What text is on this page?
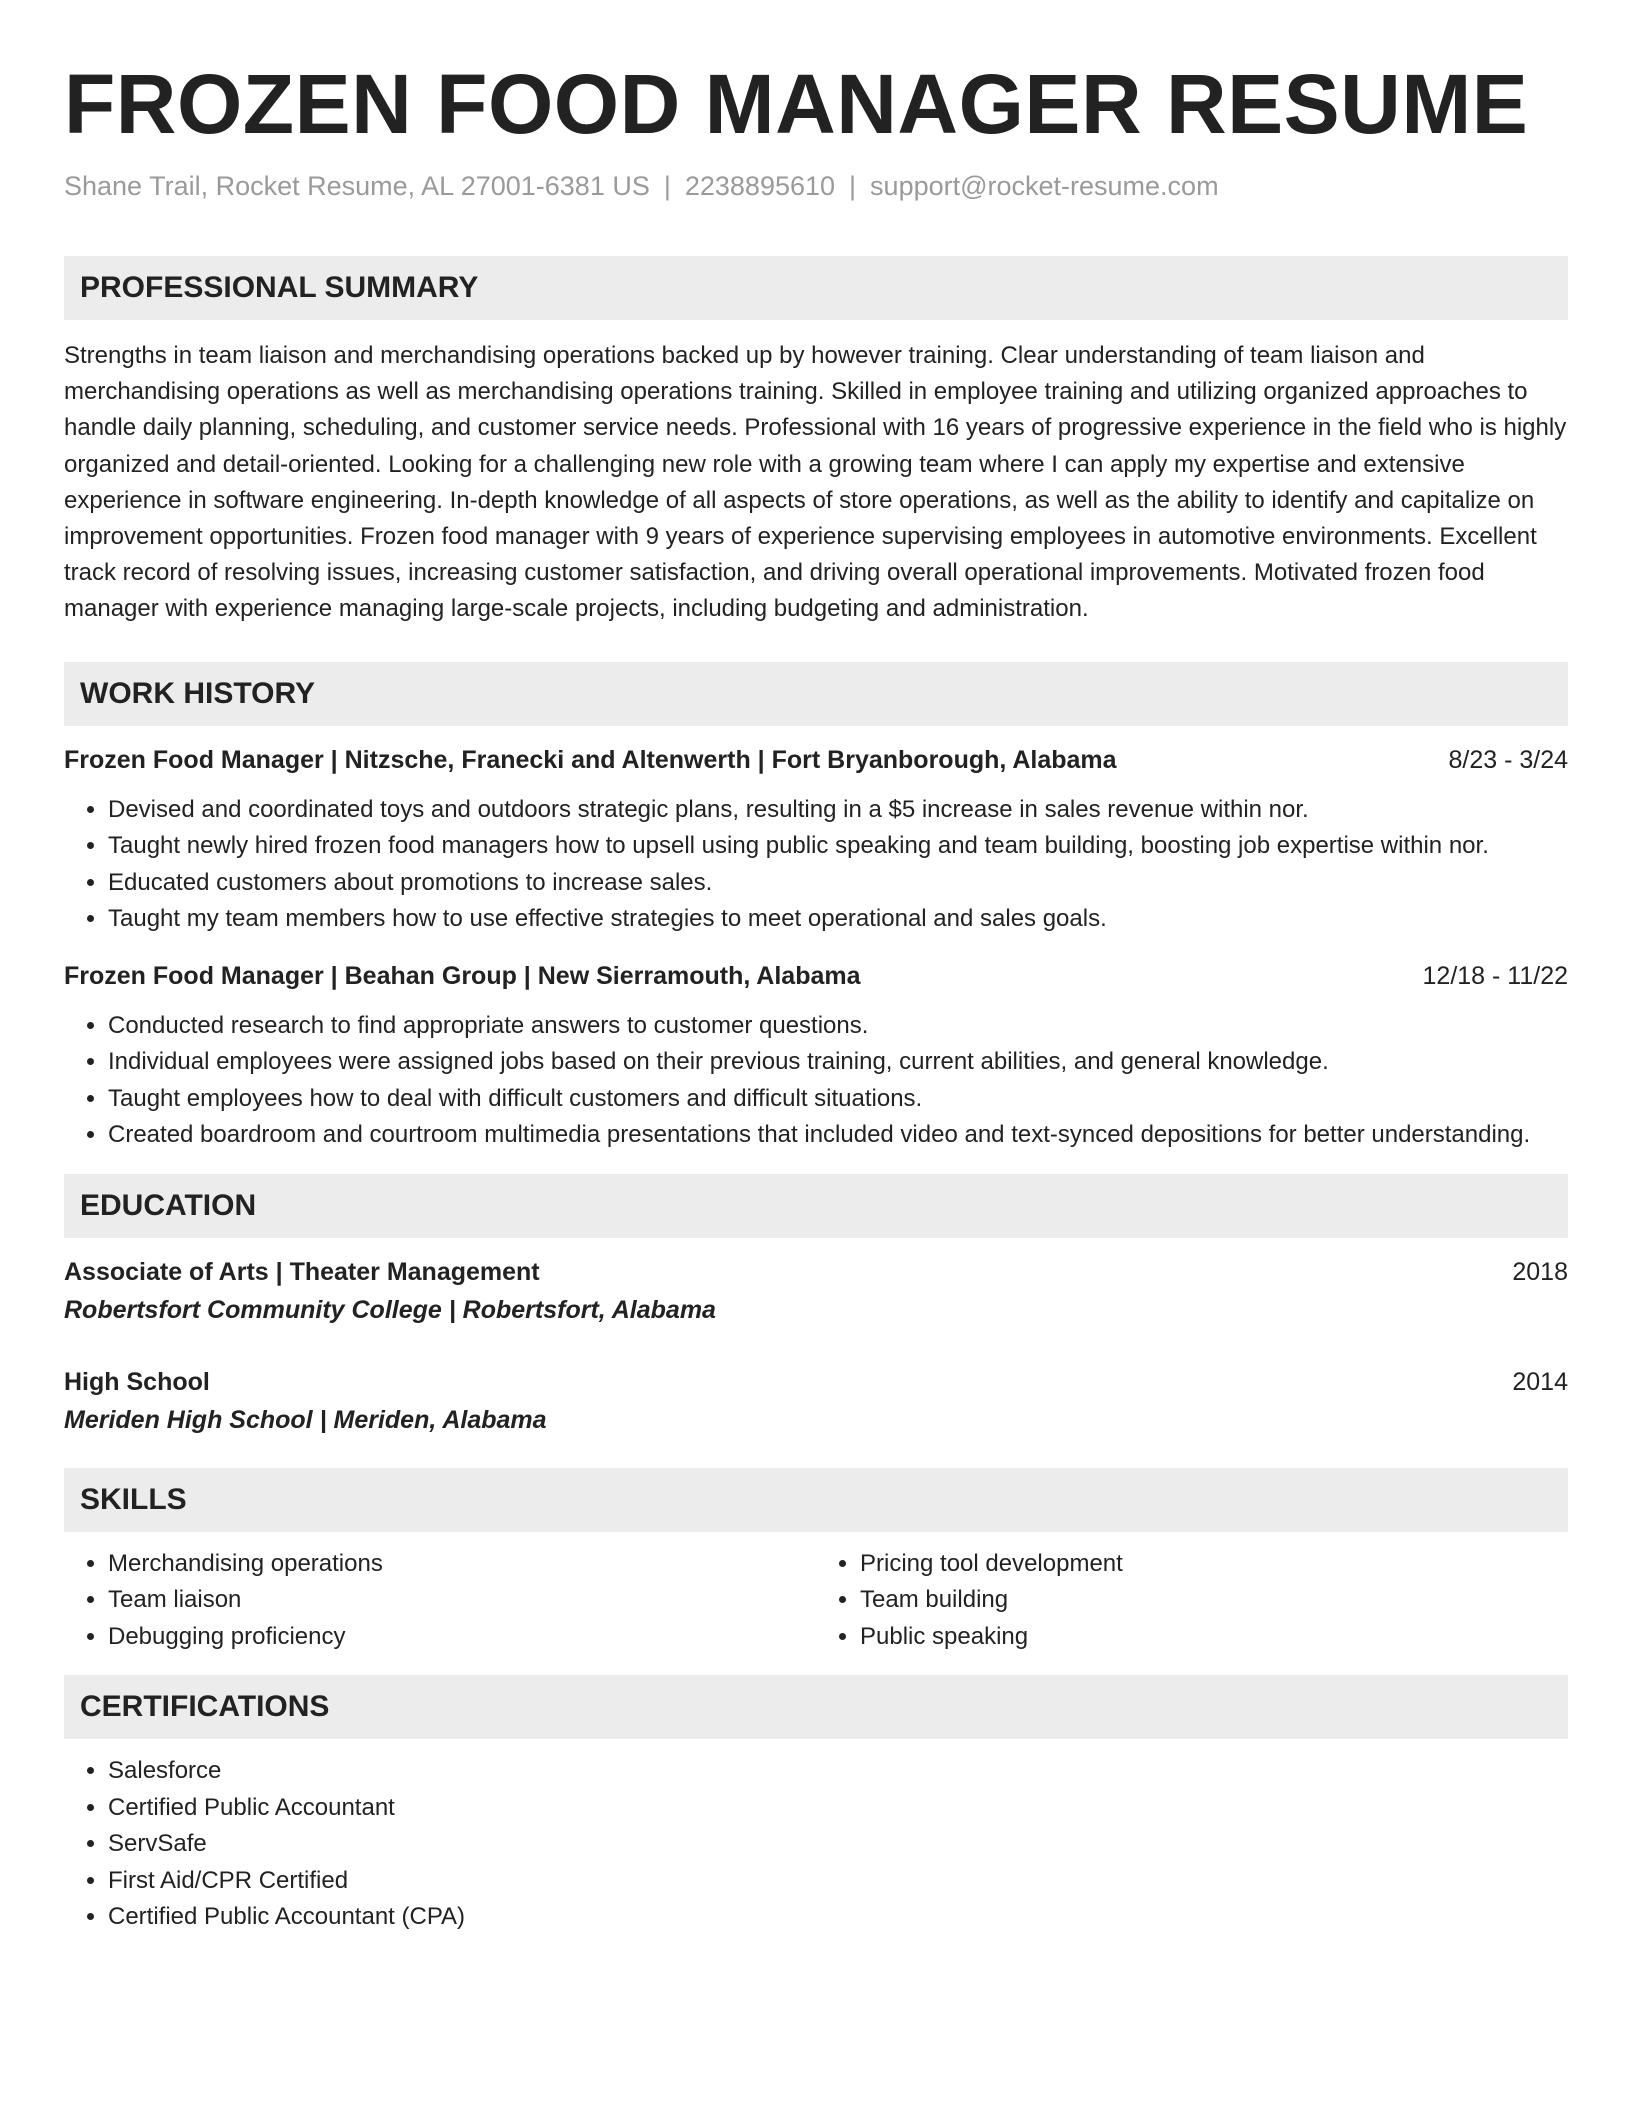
FROZEN FOOD MANAGER RESUME
Shane Trail, Rocket Resume, AL 27001-6381 US | 2238895610 | support@rocket-resume.com
PROFESSIONAL SUMMARY
Strengths in team liaison and merchandising operations backed up by however training. Clear understanding of team liaison and merchandising operations as well as merchandising operations training. Skilled in employee training and utilizing organized approaches to handle daily planning, scheduling, and customer service needs. Professional with 16 years of progressive experience in the field who is highly organized and detail-oriented. Looking for a challenging new role with a growing team where I can apply my expertise and extensive experience in software engineering. In-depth knowledge of all aspects of store operations, as well as the ability to identify and capitalize on improvement opportunities. Frozen food manager with 9 years of experience supervising employees in automotive environments. Excellent track record of resolving issues, increasing customer satisfaction, and driving overall operational improvements. Motivated frozen food manager with experience managing large-scale projects, including budgeting and administration.
WORK HISTORY
Frozen Food Manager | Nitzsche, Franecki and Altenwerth | Fort Bryanborough, Alabama	8/23 - 3/24
• Devised and coordinated toys and outdoors strategic plans, resulting in a $5 increase in sales revenue within nor.
• Taught newly hired frozen food managers how to upsell using public speaking and team building, boosting job expertise within nor.
• Educated customers about promotions to increase sales.
• Taught my team members how to use effective strategies to meet operational and sales goals.
Frozen Food Manager | Beahan Group | New Sierramouth, Alabama	12/18 - 11/22
• Conducted research to find appropriate answers to customer questions.
• Individual employees were assigned jobs based on their previous training, current abilities, and general knowledge.
• Taught employees how to deal with difficult customers and difficult situations.
• Created boardroom and courtroom multimedia presentations that included video and text-synced depositions for better understanding.
EDUCATION
Associate of Arts | Theater Management	2018
Robertsfort Community College | Robertsfort, Alabama
High School	2014
Meriden High School | Meriden, Alabama
SKILLS
• Merchandising operations
• Team liaison
• Debugging proficiency
• Pricing tool development
• Team building
• Public speaking
CERTIFICATIONS
• Salesforce
• Certified Public Accountant
• ServSafe
• First Aid/CPR Certified
• Certified Public Accountant (CPA)
